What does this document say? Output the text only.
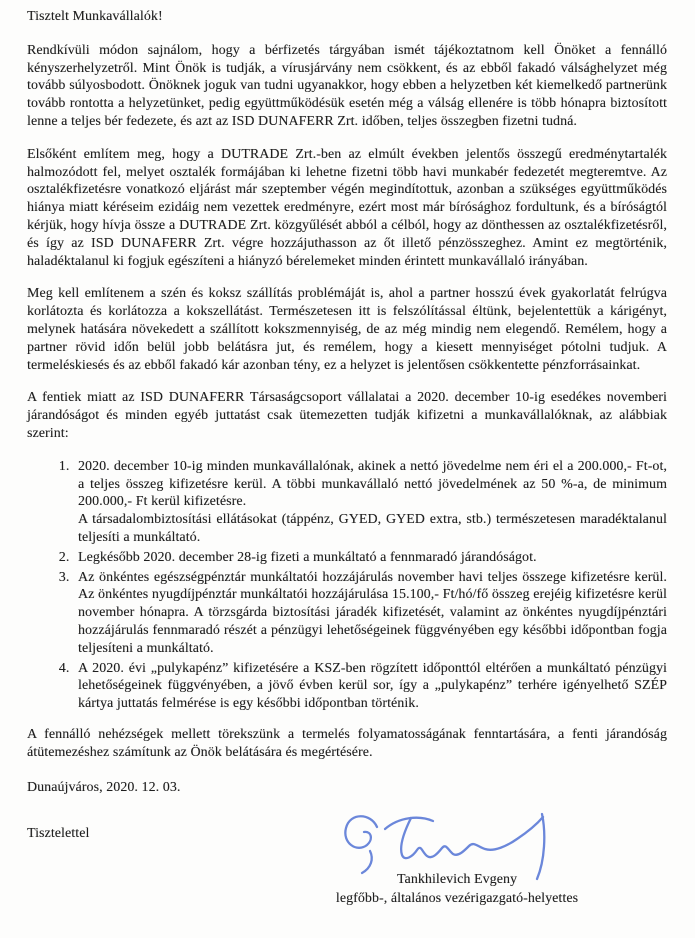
Tisztelt Munkavállalók!

Rendkívüli módon sajnálom, hogy a bérfizetés tárgyában ismét tájékoztatnom kell Önöket a fennálló kényszerhelyzetről. Mint Önök is tudják, a vírusjárvány nem csökkent, és az ebből fakadó válsághelyzet még tovább súlyosbodott. Önöknek joguk van tudni ugyanakkor, hogy ebben a helyzetben két kiemelkedő partnerünk tovább rontotta a helyzetünket, pedig együttműködésük esetén még a válság ellenére is több hónapra biztosított lenne a teljes bér fedezete, és azt az ISD DUNAFERR Zrt. időben, teljes összegben fizetni tudná.

Elsőként említem meg, hogy a DUTRADE Zrt.-ben az elmúlt években jelentős összegű eredménytartalék halmozódott fel, melyet osztalék formájában ki lehetne fizetni több havi munkabér fedezetét megteremtve. Az osztalékfizetésre vonatkozó eljárást már szeptember végén megindítottuk, azonban a szükséges együttműködés hiánya miatt kéréseim ezidáig nem vezettek eredményre, ezért most már bírósághoz fordultunk, és a bíróságtól kérjük, hogy hívja össze a DUTRADE Zrt. közgyűlését abból a célból, hogy az dönthessen az osztalékfizetésről, és így az ISD DUNAFERR Zrt. végre hozzájuthasson az őt illető pénzösszeghez. Amint ez megtörténik, haladéktalanul ki fogjuk egészíteni a hiányzó bérelemeket minden érintett munkavállaló irányában.

Meg kell említenem a szén és koksz szállítás problémáját is, ahol a partner hosszú évek gyakorlatát felrúgva korlátozta és korlátozza a kokszellátást. Természetesen itt is felszólítással éltünk, bejelentettük a kárigényt, melynek hatására növekedett a szállított kokszmennyiség, de az még mindig nem elegendő. Remélem, hogy a partner rövid időn belül jobb belátásra jut, és remélem, hogy a kiesett mennyiséget pótolni tudjuk. A termeléskiesés és az ebből fakadó kár azonban tény, ez a helyzet is jelentősen csökkentette pénzforrásainkat.

A fentiek miatt az ISD DUNAFERR Társaságcsoport vállalatai a 2020. december 10-ig esedékes novemberi járandóságot és minden egyéb juttatást csak ütemezetten tudják kifizetni a munkavállalóknak, az alábbiak szerint:

1. 2020. december 10-ig minden munkavállalónak, akinek a nettó jövedelme nem éri el a 200.000,- Ft-ot, a teljes összeg kifizetésre kerül. A többi munkavállaló nettó jövedelmének az 50 %-a, de minimum 200.000,- Ft kerül kifizetésre.
A társadalombiztosítási ellátásokat (táppénz, GYED, GYED extra, stb.) természetesen maradéktalanul teljesíti a munkáltató.
2. Legkésőbb 2020. december 28-ig fizeti a munkáltató a fennmaradó járandóságot.
3. Az önkéntes egészségpénztár munkáltatói hozzájárulás november havi teljes összege kifizetésre kerül. Az önkéntes nyugdíjpénztár munkáltatói hozzájárulása 15.100,- Ft/hó/fő összeg erejéig kifizetésre kerül november hónapra. A törzsgárda biztosítási járadék kifizetését, valamint az önkéntes nyugdíjpénztári hozzájárulás fennmaradó részét a pénzügyi lehetőségeinek függvényében egy későbbi időpontban fogja teljesíteni a munkáltató.
4. A 2020. évi „pulykapénz” kifizetésére a KSZ-ben rögzített időponttól eltérően a munkáltató pénzügyi lehetőségeinek függvényében, a jövő évben kerül sor, így a „pulykapénz” terhére igényelhető SZÉP kártya juttatás felmérése is egy későbbi időpontban történik.

A fennálló nehézségek mellett törekszünk a termelés folyamatosságának fenntartására, a fenti járandóság átütemezéshez számítunk az Önök belátására és megértésére.

Dunaújváros, 2020. 12. 03.

Tisztelettel
Tankhilevich Evgeny
legfőbb-, általános vezérigazgató-helyettes
